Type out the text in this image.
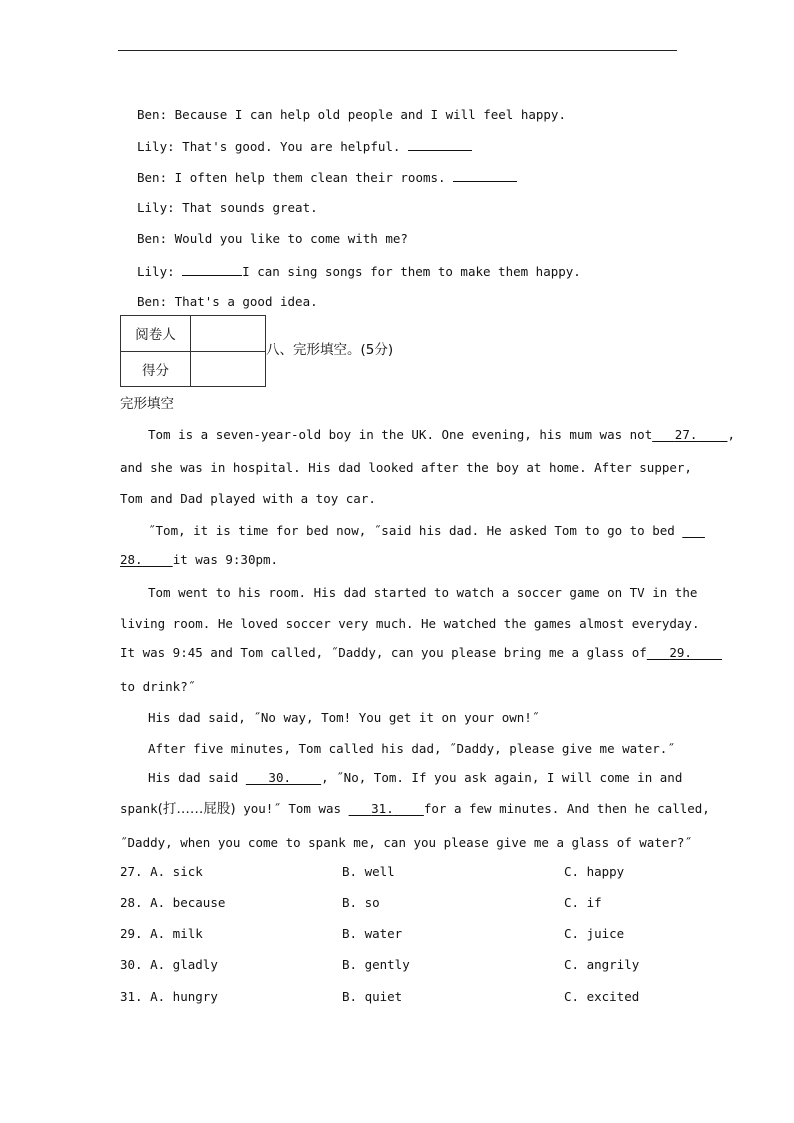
Ben: Because I can help old people and I will feel happy.
Lily: That's good. You are helpful.
Ben: I often help them clean their rooms.
Lily: That sounds great.
Ben: Would you like to come with me?
Lily:	I can sing songs for them to make them happy.
Ben: That's a good idea.
阅卷人	
得分	
八、完形填空。(5分)
完形填空
Tom is a seven-year-old boy in the UK. One evening, his mum was not 27. ,
and she was in hospital. His dad looked after the boy at home. After supper,
Tom and Dad played with a toy car.
˝Tom, it is time for bed now, ˝said his dad. He asked Tom to go to bed
28. it was 9:30pm.
Tom went to his room. His dad started to watch a soccer game on TV in the
living room. He loved soccer very much. He watched the games almost everyday.
It was 9:45 and Tom called, ˝Daddy, can you please bring me a glass of 29.
to drink?˝
His dad said, ˝No way, Tom! You get it on your own!˝
After five minutes, Tom called his dad, ˝Daddy, please give me water.˝
His dad said 30. , ˝No, Tom. If you ask again, I will come in and
spank(打……屁股) you!˝ Tom was 31. for a few minutes. And then he called,
˝Daddy, when you come to spank me, can you please give me a glass of water?˝
27. A. sick	B. well	C. happy
28. A. because	B. so	C. if
29. A. milk	B. water	C. juice
30. A. gladly	B. gently	C. angrily
31. A. hungry	B. quiet	C. excited
